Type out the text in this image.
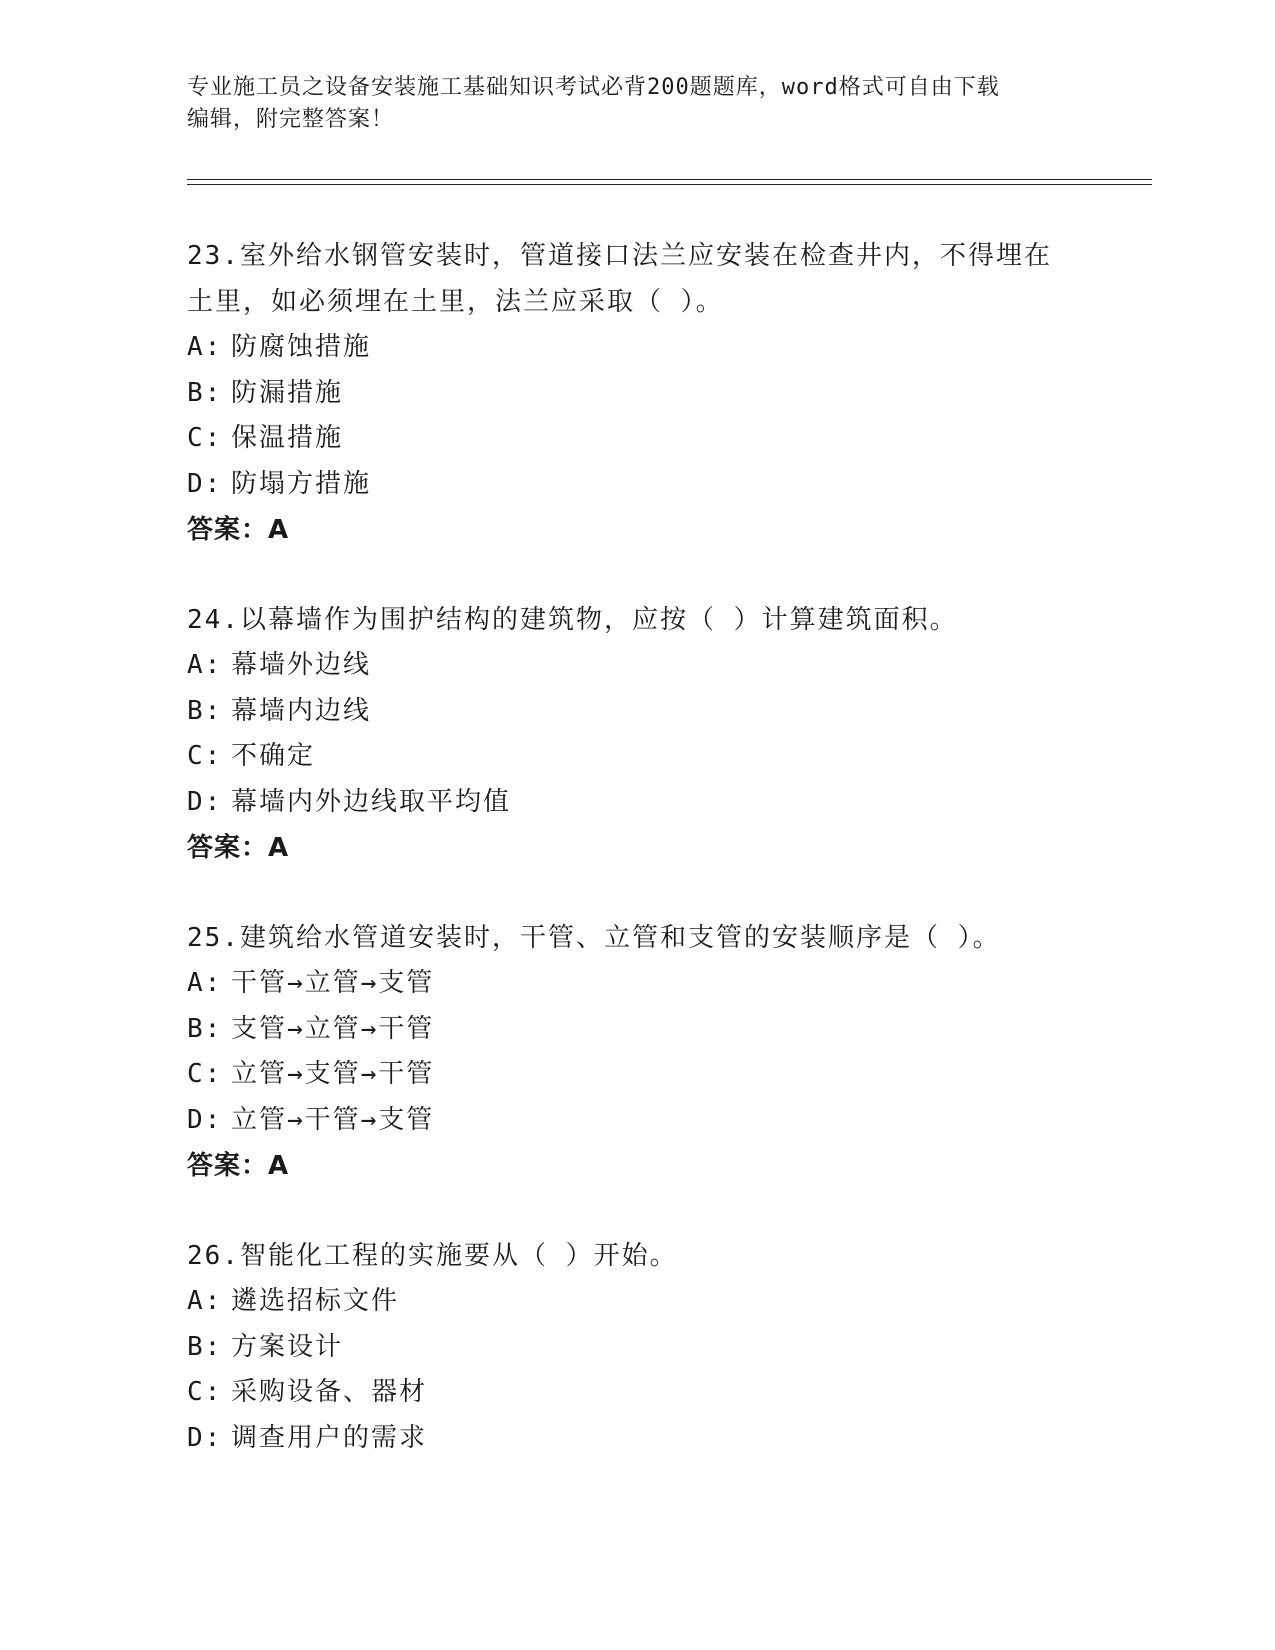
专业施工员之设备安装施工基础知识考试必背200题题库，word格式可自由下载

编辑，附完整答案！

23.室外给水钢管安装时，管道接口法兰应安装在检查井内，不得埋在

土里，如必须埋在土里，法兰应采取（ ）。

A: 防腐蚀措施

B: 防漏措施

C: 保温措施

D: 防塌方措施

答案：A

24.以幕墙作为围护结构的建筑物，应按（ ）计算建筑面积。

A: 幕墙外边线

B: 幕墙内边线

C: 不确定

D: 幕墙内外边线取平均值

答案：A

25.建筑给水管道安装时，干管、立管和支管的安装顺序是（ ）。

A: 干管→立管→支管

B: 支管→立管→干管

C: 立管→支管→干管

D: 立管→干管→支管

答案：A

26.智能化工程的实施要从（ ）开始。

A: 遴选招标文件

B: 方案设计

C: 采购设备、器材

D: 调查用户的需求
